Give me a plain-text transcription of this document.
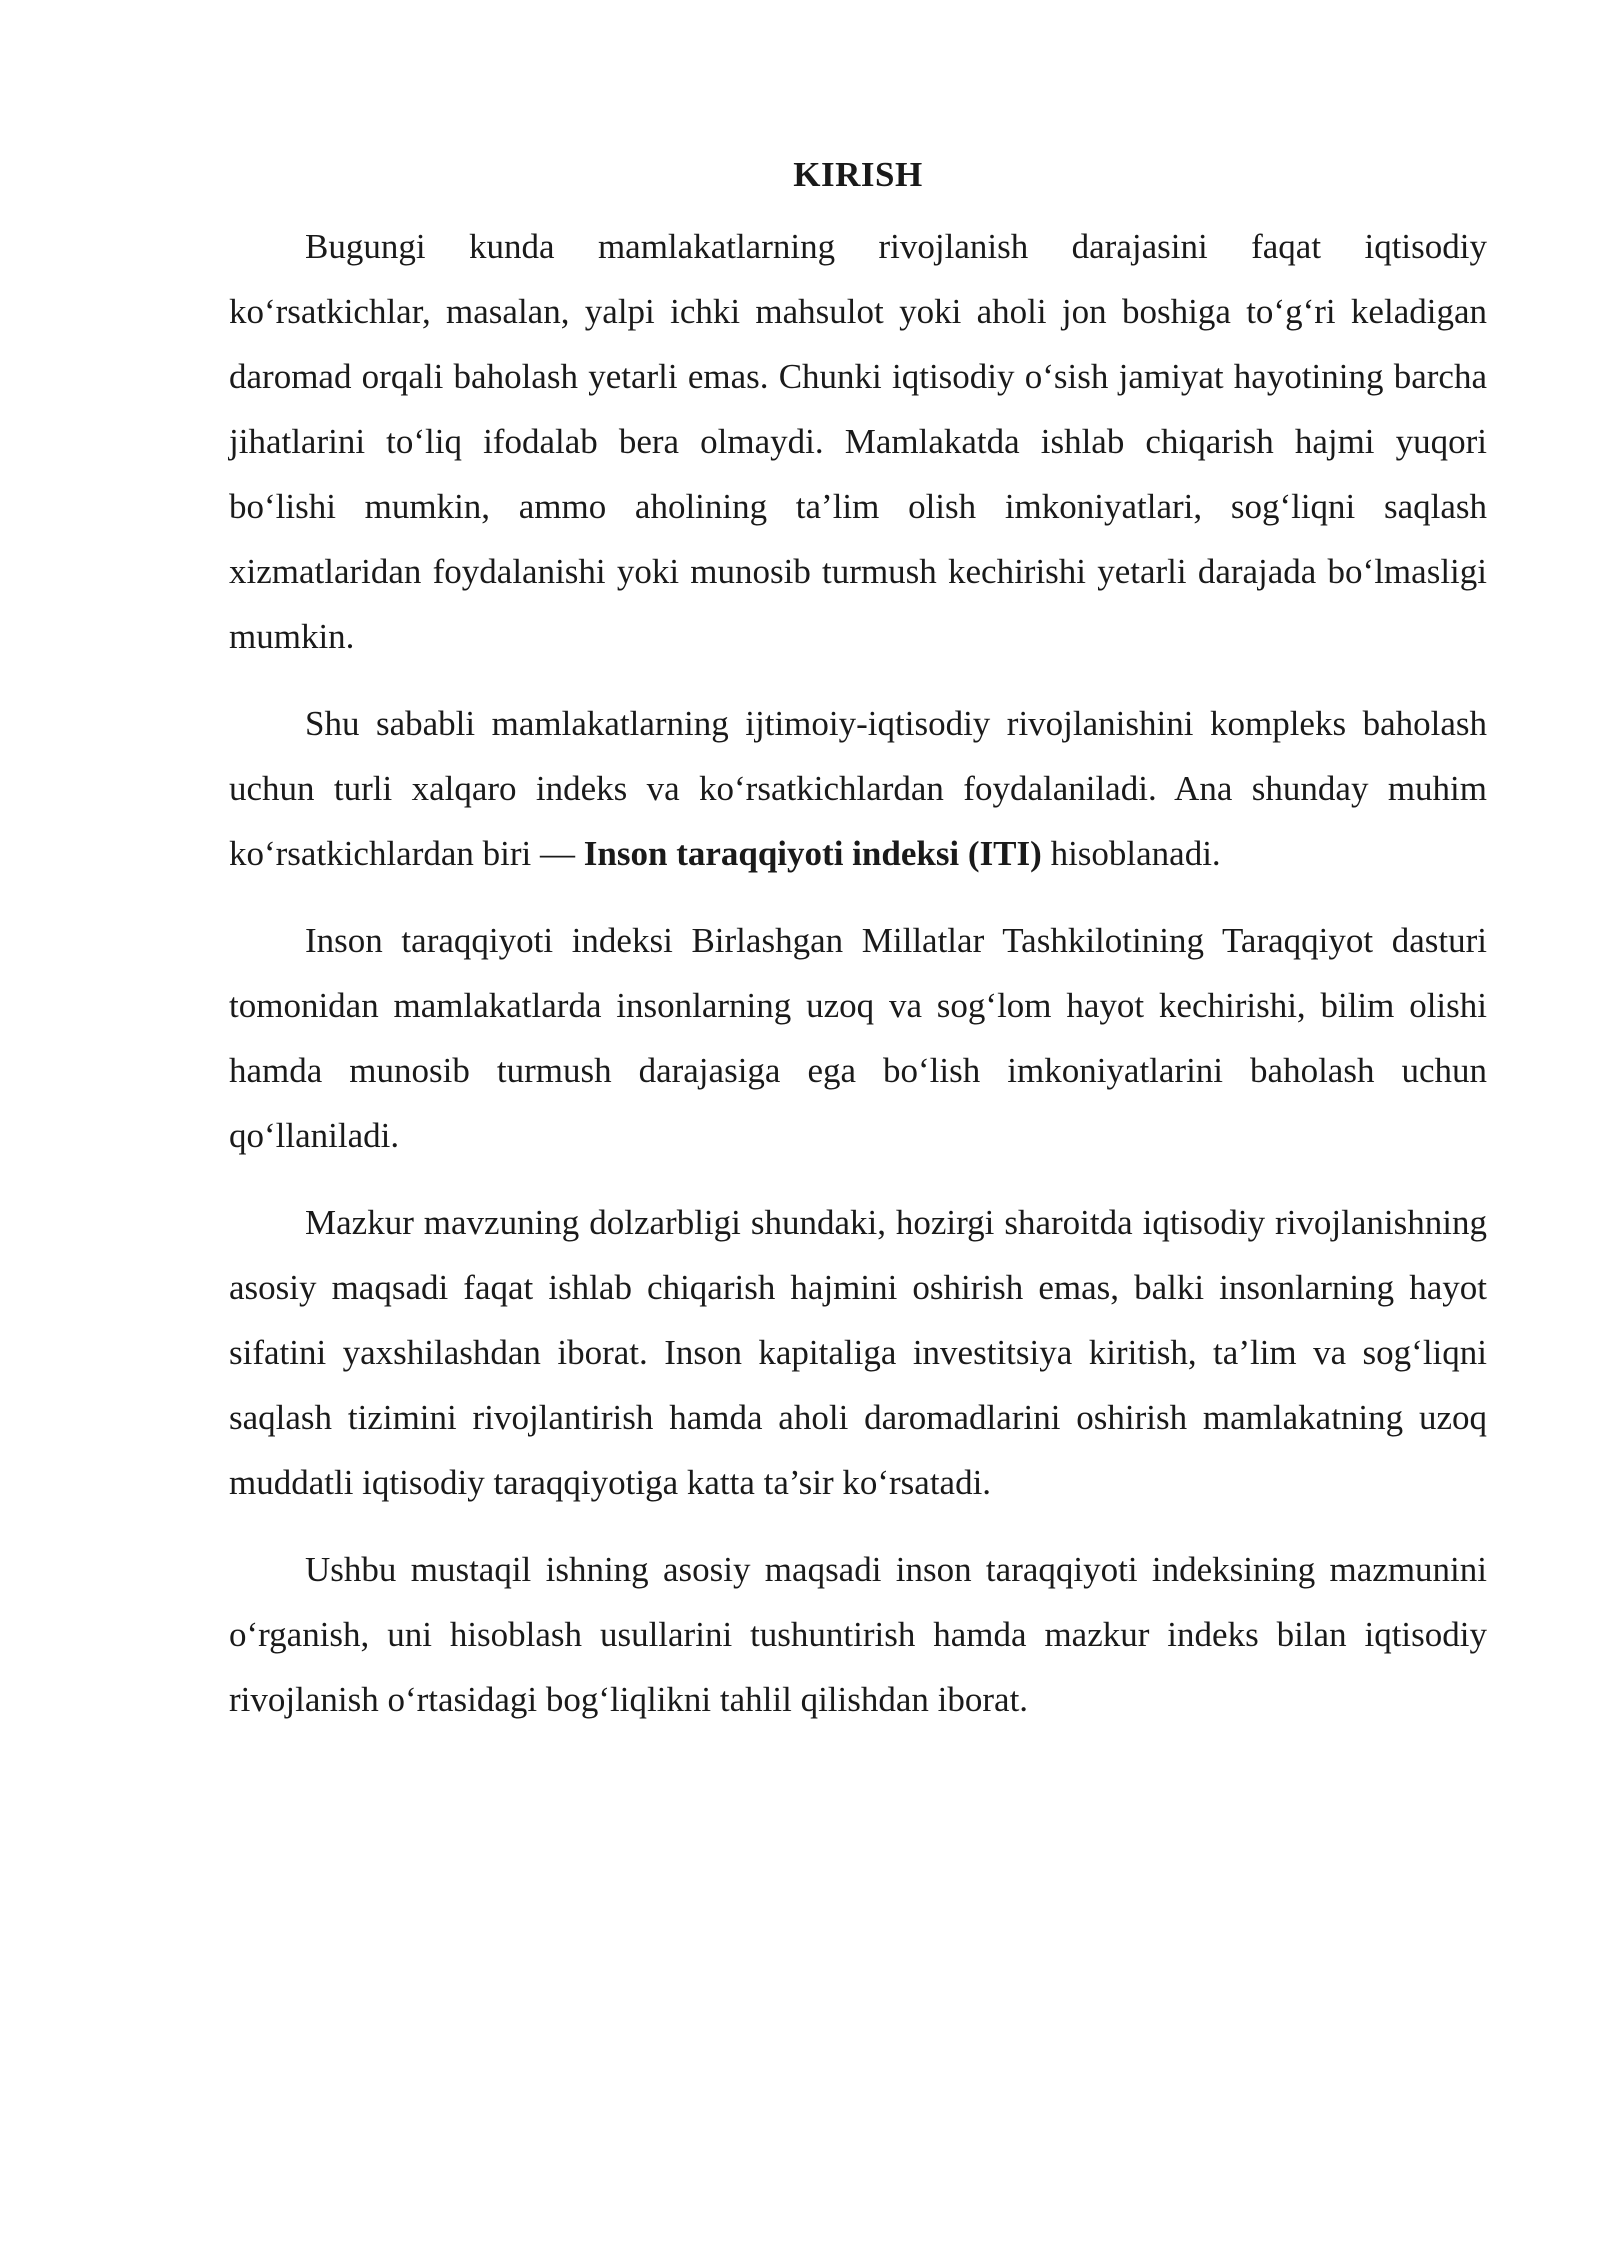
KIRISH

Bugungi kunda mamlakatlarning rivojlanish darajasini faqat iqtisodiy ko‘rsatkichlar, masalan, yalpi ichki mahsulot yoki aholi jon boshiga to‘g‘ri keladigan daromad orqali baholash yetarli emas. Chunki iqtisodiy o‘sish jamiyat hayotining barcha jihatlarini to‘liq ifodalab bera olmaydi. Mamlakatda ishlab chiqarish hajmi yuqori bo‘lishi mumkin, ammo aholining ta’lim olish imkoniyatlari, sog‘liqni saqlash xizmatlaridan foydalanishi yoki munosib turmush kechirishi yetarli darajada bo‘lmasligi mumkin.

Shu sababli mamlakatlarning ijtimoiy-iqtisodiy rivojlanishini kompleks baholash uchun turli xalqaro indeks va ko‘rsatkichlardan foydalaniladi. Ana shunday muhim ko‘rsatkichlardan biri — Inson taraqqiyoti indeksi (ITI) hisoblanadi.

Inson taraqqiyoti indeksi Birlashgan Millatlar Tashkilotining Taraqqiyot dasturi tomonidan mamlakatlarda insonlarning uzoq va sog‘lom hayot kechirishi, bilim olishi hamda munosib turmush darajasiga ega bo‘lish imkoniyatlarini baholash uchun qo‘llaniladi.

Mazkur mavzuning dolzarbligi shundaki, hozirgi sharoitda iqtisodiy rivojlanishning asosiy maqsadi faqat ishlab chiqarish hajmini oshirish emas, balki insonlarning hayot sifatini yaxshilashdan iborat. Inson kapitaliga investitsiya kiritish, ta’lim va sog‘liqni saqlash tizimini rivojlantirish hamda aholi daromadlarini oshirish mamlakatning uzoq muddatli iqtisodiy taraqqiyotiga katta ta’sir ko‘rsatadi.

Ushbu mustaqil ishning asosiy maqsadi inson taraqqiyoti indeksining mazmunini o‘rganish, uni hisoblash usullarini tushuntirish hamda mazkur indeks bilan iqtisodiy rivojlanish o‘rtasidagi bog‘liqlikni tahlil qilishdan iborat.
